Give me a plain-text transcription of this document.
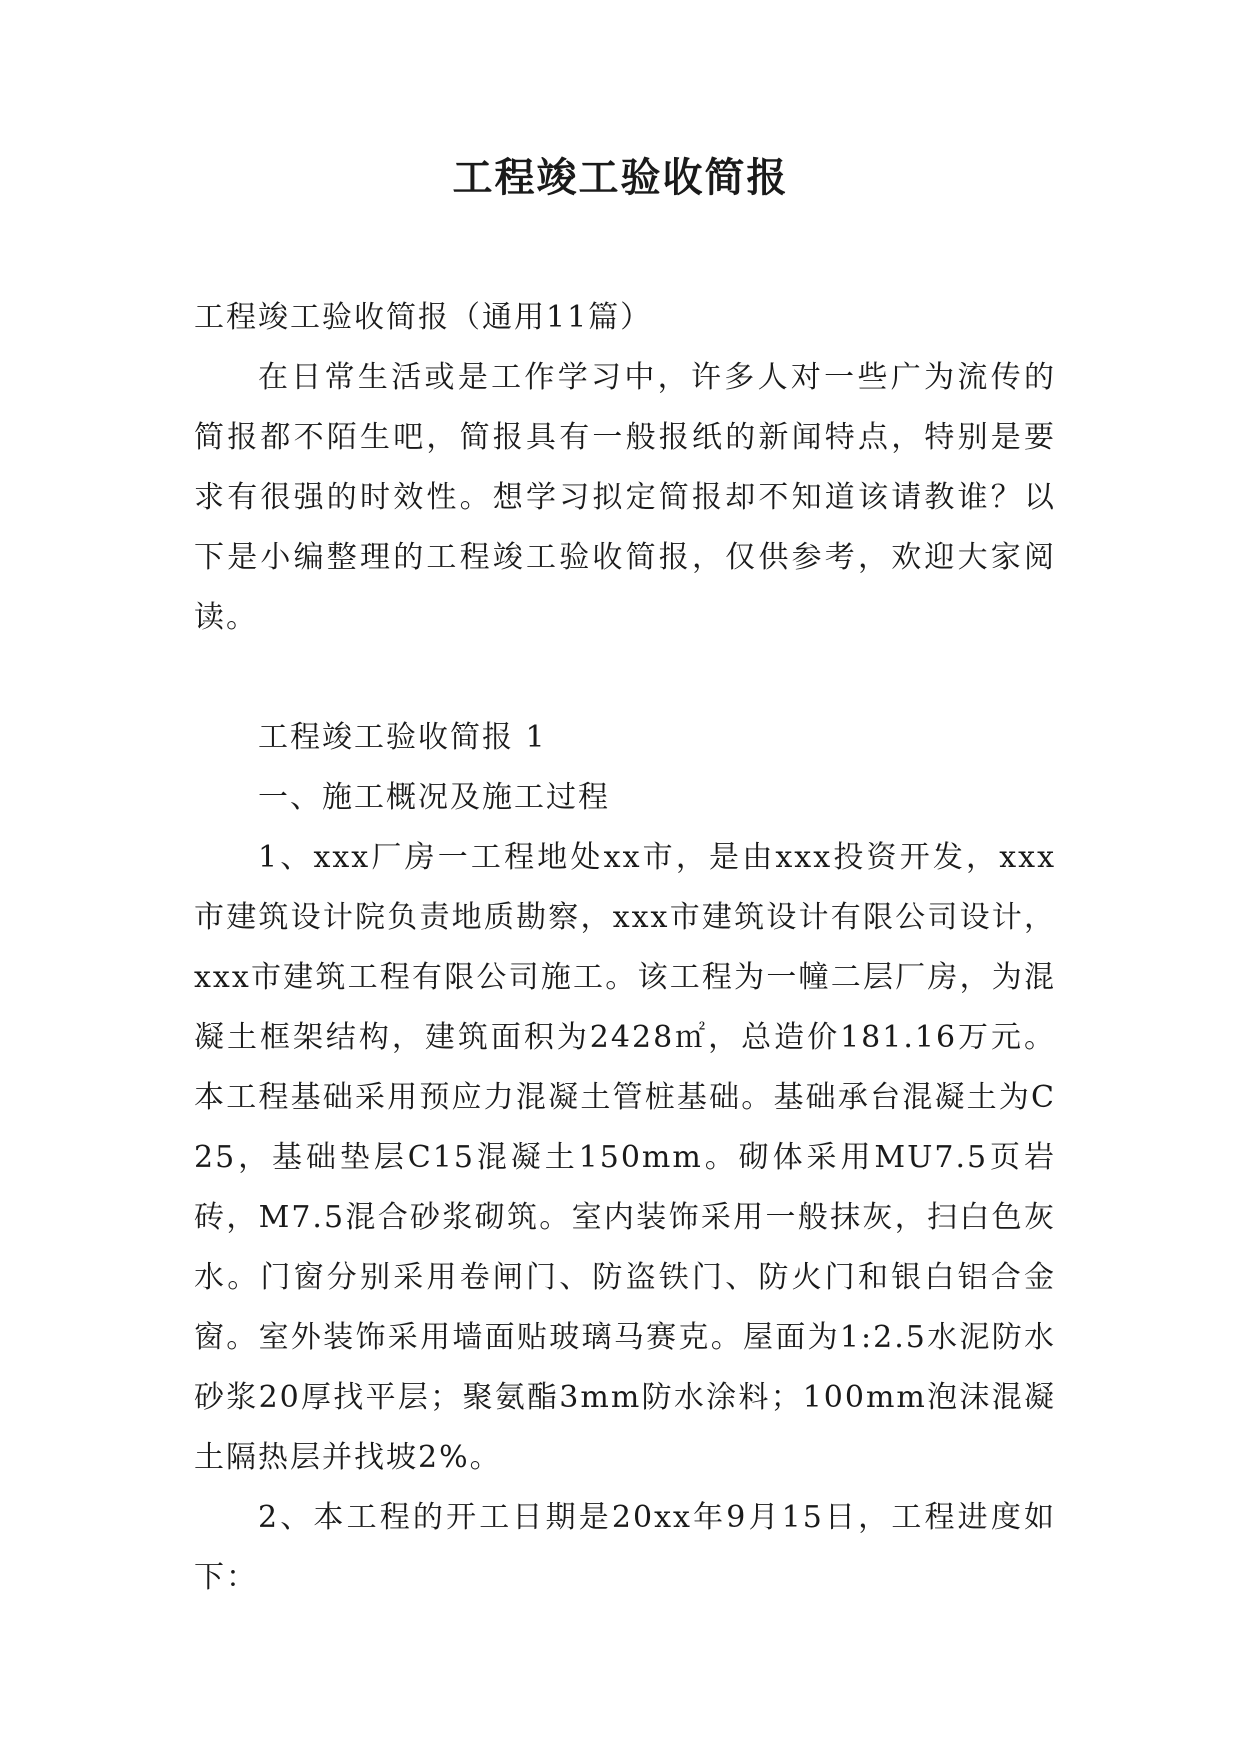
工程竣工验收简报

工程竣工验收简报（通用11篇）

在日常生活或是工作学习中，许多人对一些广为流传的简报都不陌生吧，简报具有一般报纸的新闻特点，特别是要求有很强的时效性。想学习拟定简报却不知道该请教谁？以下是小编整理的工程竣工验收简报，仅供参考，欢迎大家阅读。

工程竣工验收简报 1

一、施工概况及施工过程

1、xxx厂房一工程地处xx市，是由xxx投资开发，xxx市建筑设计院负责地质勘察，xxx市建筑设计有限公司设计，xxx市建筑工程有限公司施工。该工程为一幢二层厂房，为混凝土框架结构，建筑面积为2428㎡，总造价181.16万元。本工程基础采用预应力混凝土管桩基础。基础承台混凝土为C25，基础垫层C15混凝土150mm。砌体采用MU7.5页岩砖，M7.5混合砂浆砌筑。室内装饰采用一般抹灰，扫白色灰水。门窗分别采用卷闸门、防盗铁门、防火门和银白铝合金窗。室外装饰采用墙面贴玻璃马赛克。屋面为1:2.5水泥防水砂浆20厚找平层；聚氨酯3mm防水涂料；100mm泡沫混凝土隔热层并找坡2%。

2、本工程的开工日期是20xx年9月15日，工程进度如下：
